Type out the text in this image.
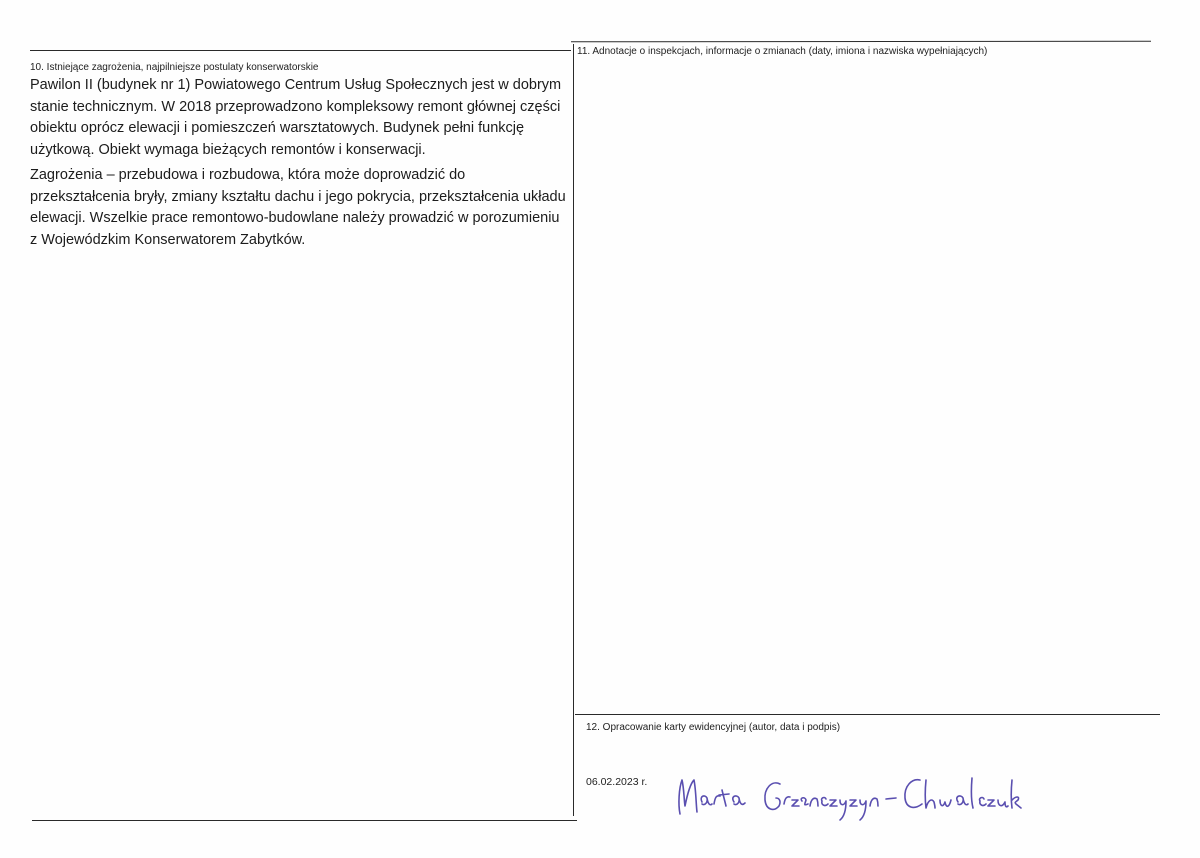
10. Istniejące zagrożenia, najpilniejsze postulaty konserwatorskie

Pawilon II (budynek nr 1) Powiatowego Centrum Usług Społecznych jest w dobrym stanie technicznym. W 2018 przeprowadzono kompleksowy remont głównej części obiektu oprócz elewacji i pomieszczeń warsztatowych. Budynek pełni funkcję użytkową. Obiekt wymaga bieżących remontów i konserwacji.

Zagrożenia – przebudowa i rozbudowa, która może doprowadzić do przekształcenia bryły, zmiany kształtu dachu i jego pokrycia, przekształcenia układu elewacji. Wszelkie prace remontowo-budowlane należy prowadzić w porozumieniu z Wojewódzkim Konserwatorem Zabytków.

11. Adnotacje o inspekcjach, informacje o zmianach (daty, imiona i nazwiska wypełniających)
12. Opracowanie karty ewidencyjnej (autor, data i podpis)
06.02.2023 r.
